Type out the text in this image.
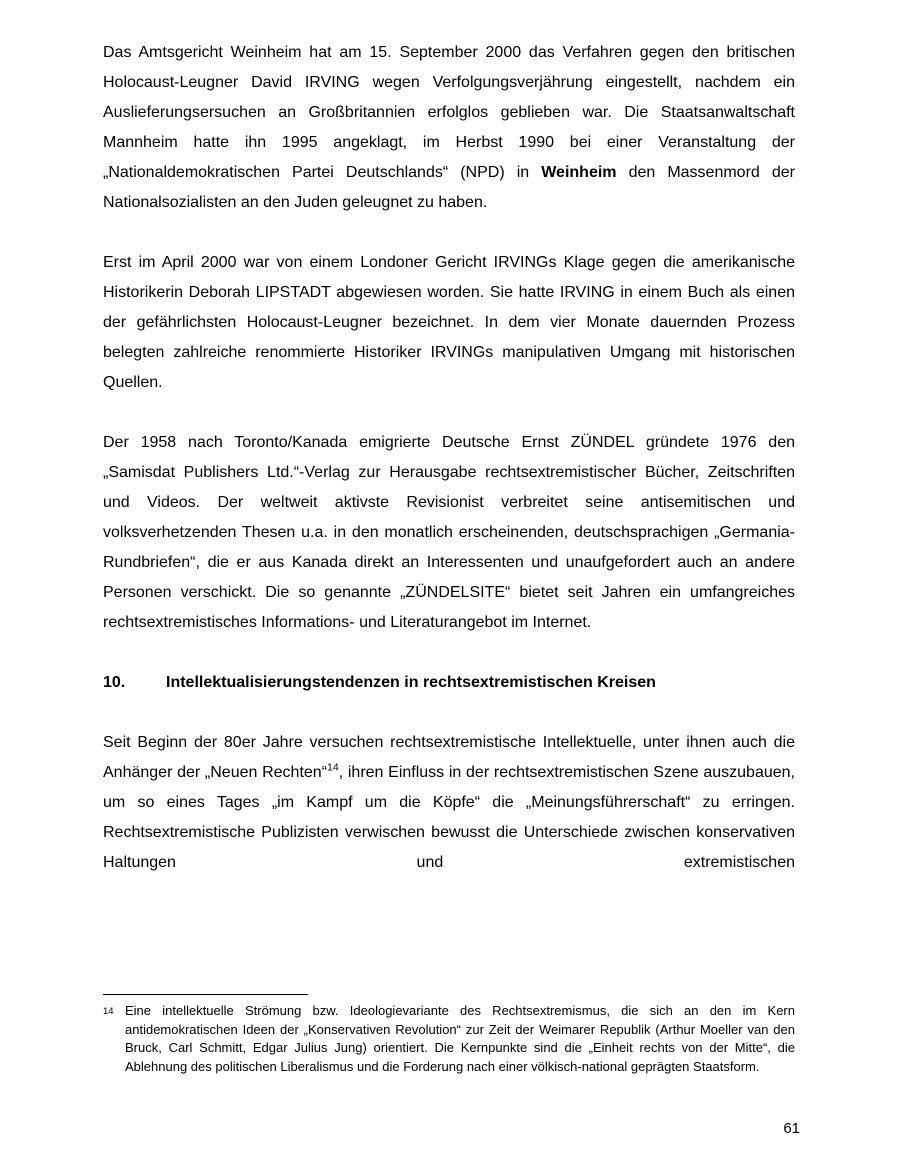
Das Amtsgericht Weinheim hat am 15. September 2000 das Verfahren gegen den britischen Holocaust-Leugner David IRVING wegen Verfolgungsverjährung eingestellt, nachdem ein Auslieferungsersuchen an Großbritannien erfolglos geblieben war. Die Staatsanwaltschaft Mannheim hatte ihn 1995 angeklagt, im Herbst 1990 bei einer Veranstaltung der „Nationaldemokratischen Partei Deutschlands“ (NPD) in Weinheim den Massenmord der Nationalsozialisten an den Juden geleugnet zu haben.

Erst im April 2000 war von einem Londoner Gericht IRVINGs Klage gegen die amerikanische Historikerin Deborah LIPSTADT abgewiesen worden. Sie hatte IRVING in einem Buch als einen der gefährlichsten Holocaust-Leugner bezeichnet. In dem vier Monate dauernden Prozess belegten zahlreiche renommierte Historiker IRVINGs manipulativen Umgang mit historischen Quellen.

Der 1958 nach Toronto/Kanada emigrierte Deutsche Ernst ZÜNDEL gründete 1976 den „Samisdat Publishers Ltd.“-Verlag zur Herausgabe rechtsextremistischer Bücher, Zeitschriften und Videos. Der weltweit aktivste Revisionist verbreitet seine antisemitischen und volksverhetzenden Thesen u.a. in den monatlich erscheinenden, deutschsprachigen „Germania-Rundbriefen“, die er aus Kanada direkt an Interessenten und unaufgefordert auch an andere Personen verschickt. Die so genannte „ZÜNDELSITE“ bietet seit Jahren ein umfangreiches rechtsextremistisches Informations- und Literaturangebot im Internet.

10.	Intellektualisierungstendenzen in rechtsextremistischen Kreisen

Seit Beginn der 80er Jahre versuchen rechtsextremistische Intellektuelle, unter ihnen auch die Anhänger der „Neuen Rechten“$^{14}$, ihren Einfluss in der rechtsextremistischen Szene auszubauen, um so eines Tages „im Kampf um die Köpfe“ die „Meinungsführerschaft“ zu erringen. Rechtsextremistische Publizisten verwischen bewusst die Unterschiede zwischen konservativen Haltungen und extremistischen

14 Eine intellektuelle Strömung bzw. Ideologievariante des Rechtsextremismus, die sich an den im Kern antidemokratischen Ideen der „Konservativen Revolution“ zur Zeit der Weimarer Republik (Arthur Moeller van den Bruck, Carl Schmitt, Edgar Julius Jung) orientiert. Die Kernpunkte sind die „Einheit rechts von der Mitte“, die Ablehnung des politischen Liberalismus und die Forderung nach einer völkisch-national geprägten Staatsform.
61
